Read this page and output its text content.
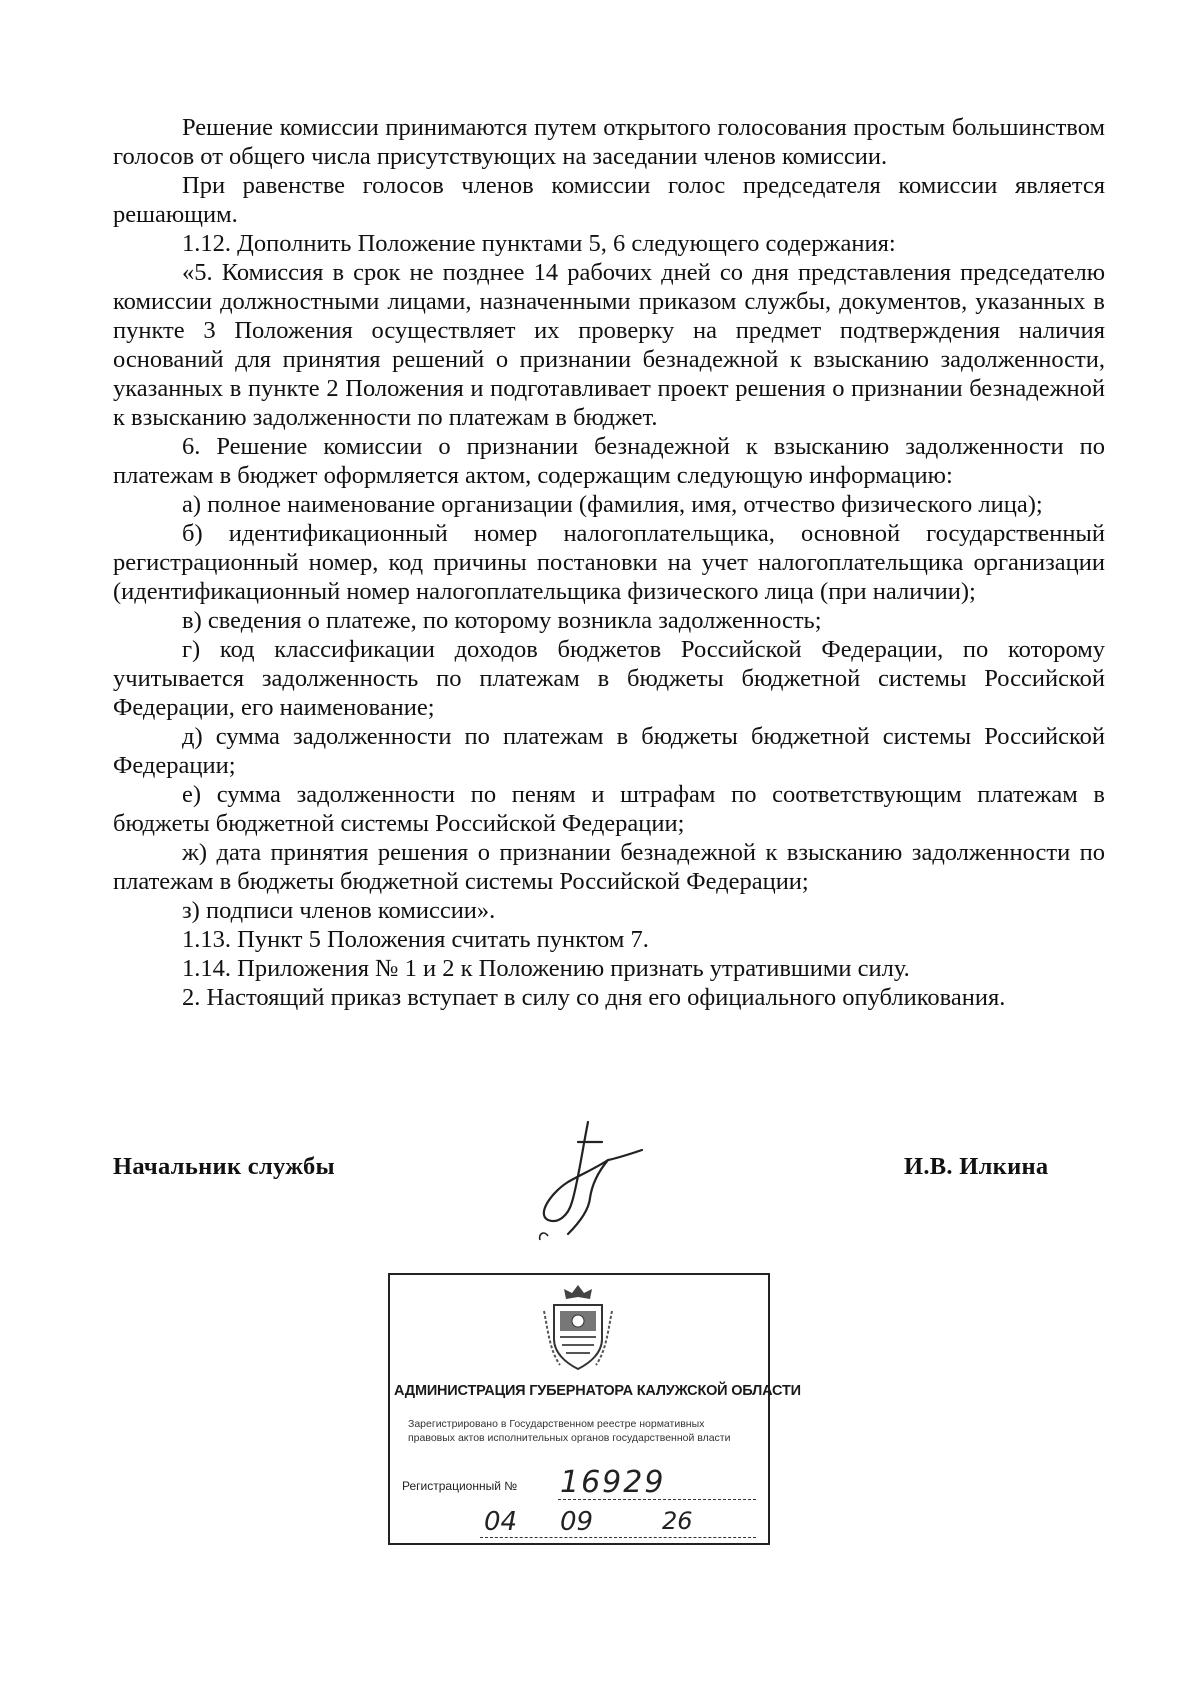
Решение комиссии принимаются путем открытого голосования простым большинством голосов от общего числа присутствующих на заседании членов комиссии.

При равенстве голосов членов комиссии голос председателя комиссии является решающим.

1.12. Дополнить Положение пунктами 5, 6 следующего содержания:

«5. Комиссия в срок не позднее 14 рабочих дней со дня представления председателю комиссии должностными лицами, назначенными приказом службы, документов, указанных в пункте 3 Положения осуществляет их проверку на предмет подтверждения наличия оснований для принятия решений о признании безнадежной к взысканию задолженности, указанных в пункте 2 Положения и подготавливает проект решения о признании безнадежной к взысканию задолженности по платежам в бюджет.

6. Решение комиссии о признании безнадежной к взысканию задолженности по платежам в бюджет оформляется актом, содержащим следующую информацию:

а) полное наименование организации (фамилия, имя, отчество физического лица);

б) идентификационный номер налогоплательщика, основной государственный регистрационный номер, код причины постановки на учет налогоплательщика организации (идентификационный номер налогоплательщика физического лица (при наличии);

в) сведения о платеже, по которому возникла задолженность;

г) код классификации доходов бюджетов Российской Федерации, по которому учитывается задолженность по платежам в бюджеты бюджетной системы Российской Федерации, его наименование;

д) сумма задолженности по платежам в бюджеты бюджетной системы Российской Федерации;

е) сумма задолженности по пеням и штрафам по соответствующим платежам в бюджеты бюджетной системы Российской Федерации;

ж) дата принятия решения о признании безнадежной к взысканию задолженности по платежам в бюджеты бюджетной системы Российской Федерации;

з) подписи членов комиссии».

1.13. Пункт 5 Положения считать пунктом 7.

1.14. Приложения № 1 и 2 к Положению признать утратившими силу.

2. Настоящий приказ вступает в силу со дня его официального опубликования.

Начальник службы	И.В. Илкина
АДМИНИСТРАЦИЯ ГУБЕРНАТОРА КАЛУЖСКОЙ ОБЛАСТИ
Зарегистрировано в Государственном реестре нормативных
правовых актов исполнительных органов государственной власти
Регистрационный № 16929
04 09	26
